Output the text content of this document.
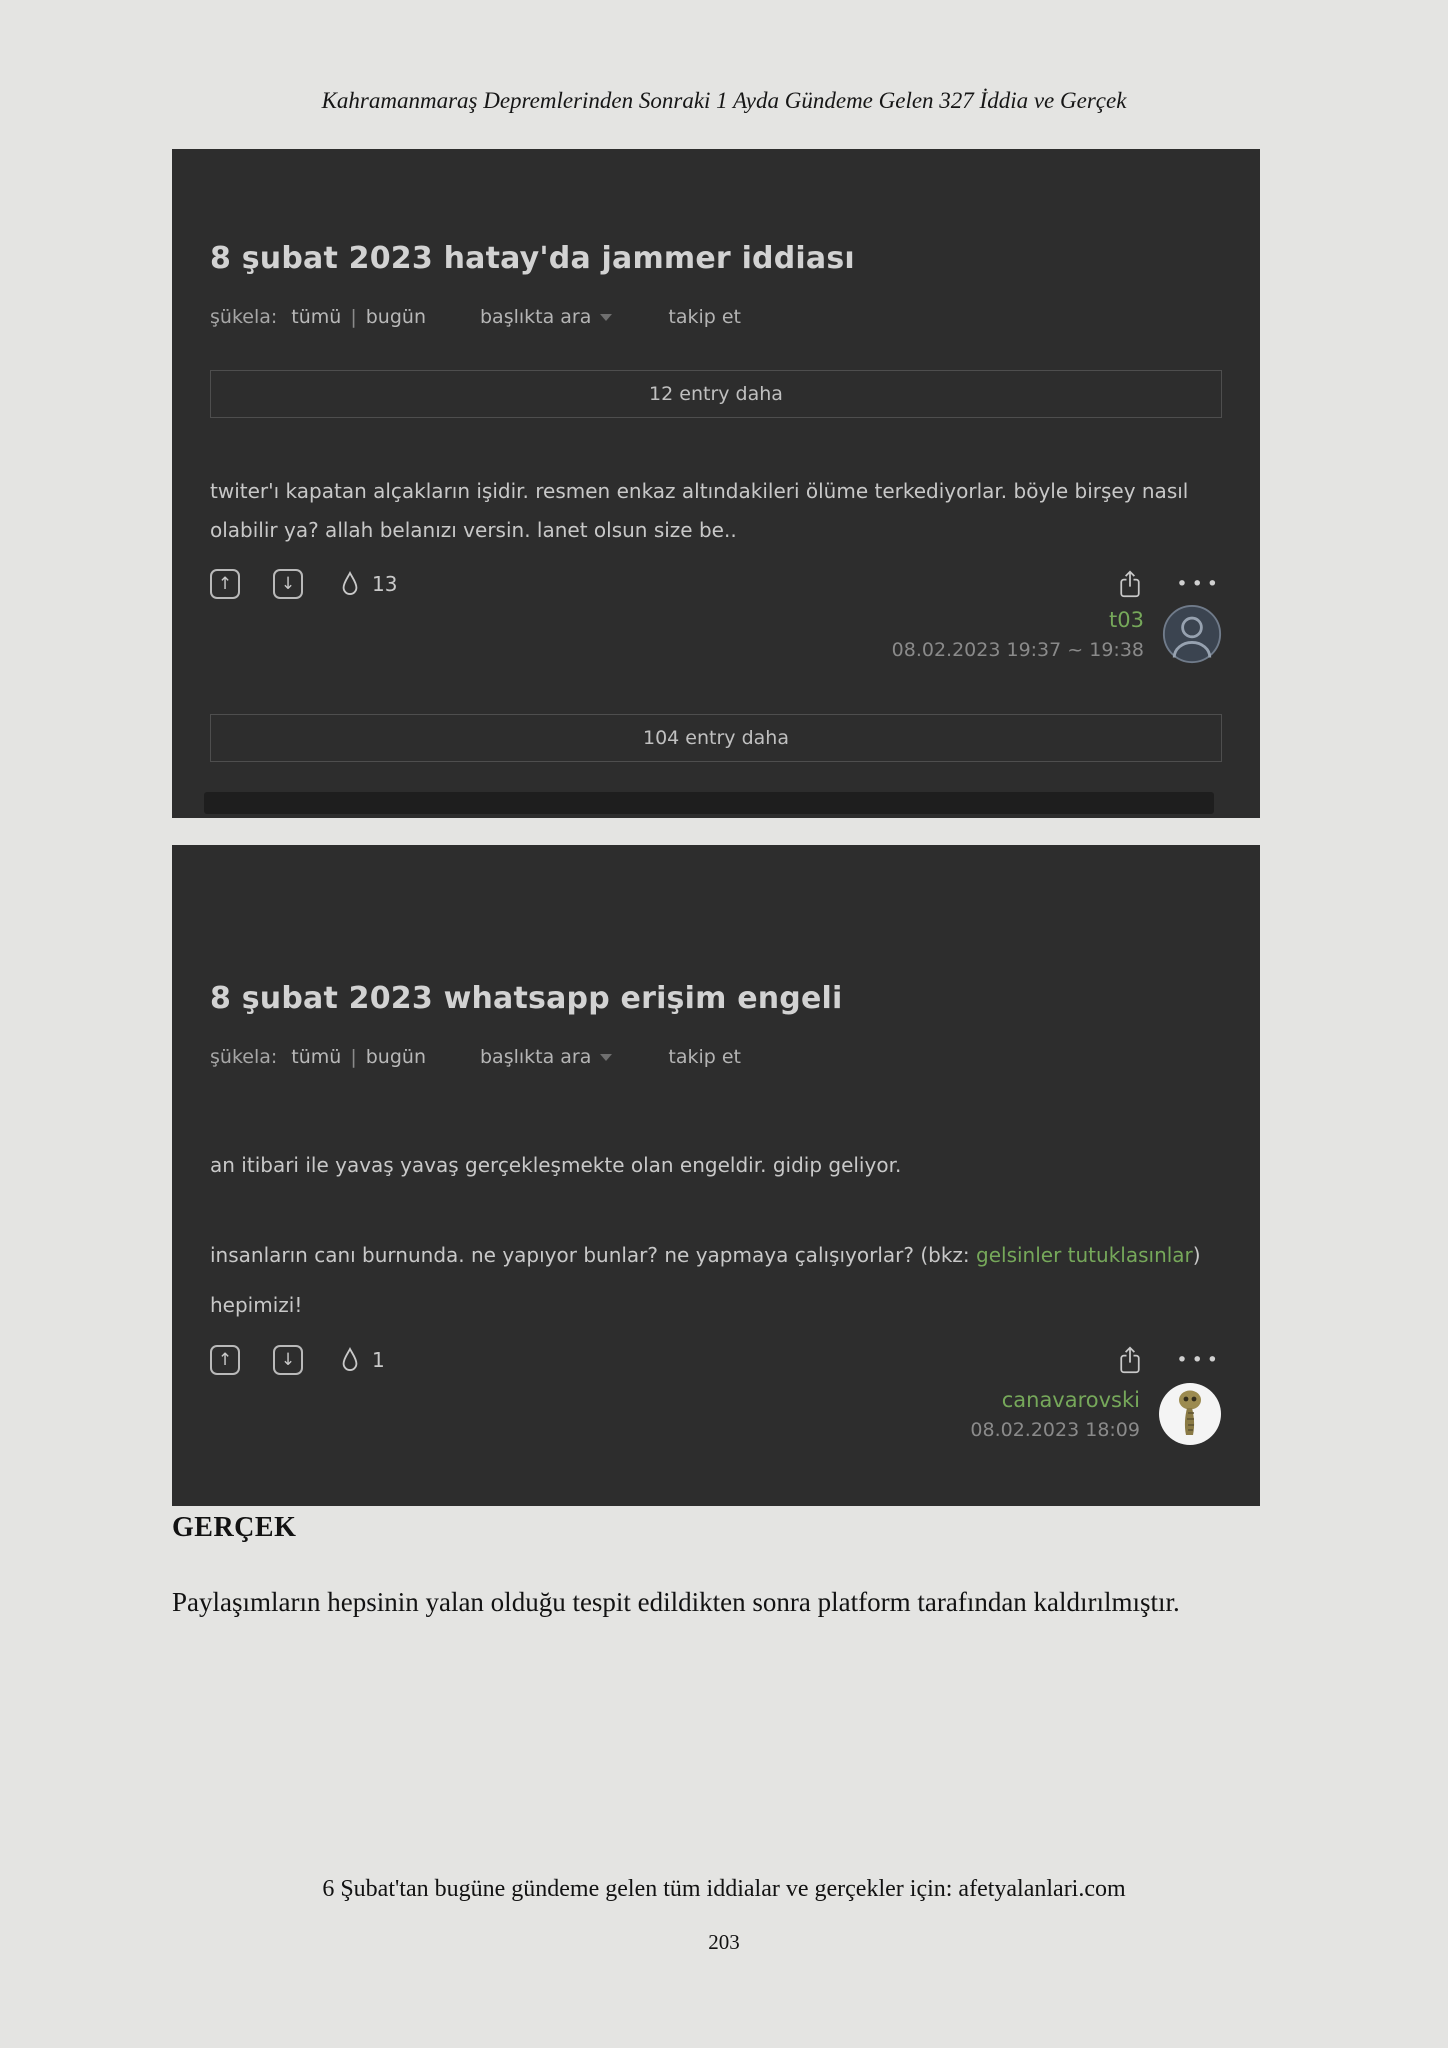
Kahramanmaraş Depremlerinden Sonraki 1 Ayda Gündeme Gelen 327 İddia ve Gerçek
8 şubat 2023 hatay'da jammer iddiası
şükela: tümü | bugün	başlıkta ara	takip et
12 entry daha

twiter'ı kapatan alçakların işidir. resmen enkaz altındakileri ölüme terkediyorlar. böyle birşey nasıl olabilir ya? allah belanızı versin. lanet olsun size be..

↑	↓	13	•••
t03
08.02.2023 19:37 ~ 19:38
104 entry daha
8 şubat 2023 whatsapp erişim engeli
şükela: tümü | bugün	başlıkta ara	takip et

an itibari ile yavaş yavaş gerçekleşmekte olan engeldir. gidip geliyor.

insanların canı burnunda. ne yapıyor bunlar? ne yapmaya çalışıyorlar? (bkz: gelsinler tutuklasınlar) hepimizi!

↑	↓	1	•••
canavarovski
08.02.2023 18:09
GERÇEK

Paylaşımların hepsinin yalan olduğu tespit edildikten sonra platform tarafından kaldırılmıştır.

6 Şubat'tan bugüne gündeme gelen tüm iddialar ve gerçekler için: afetyalanlari.com
203
